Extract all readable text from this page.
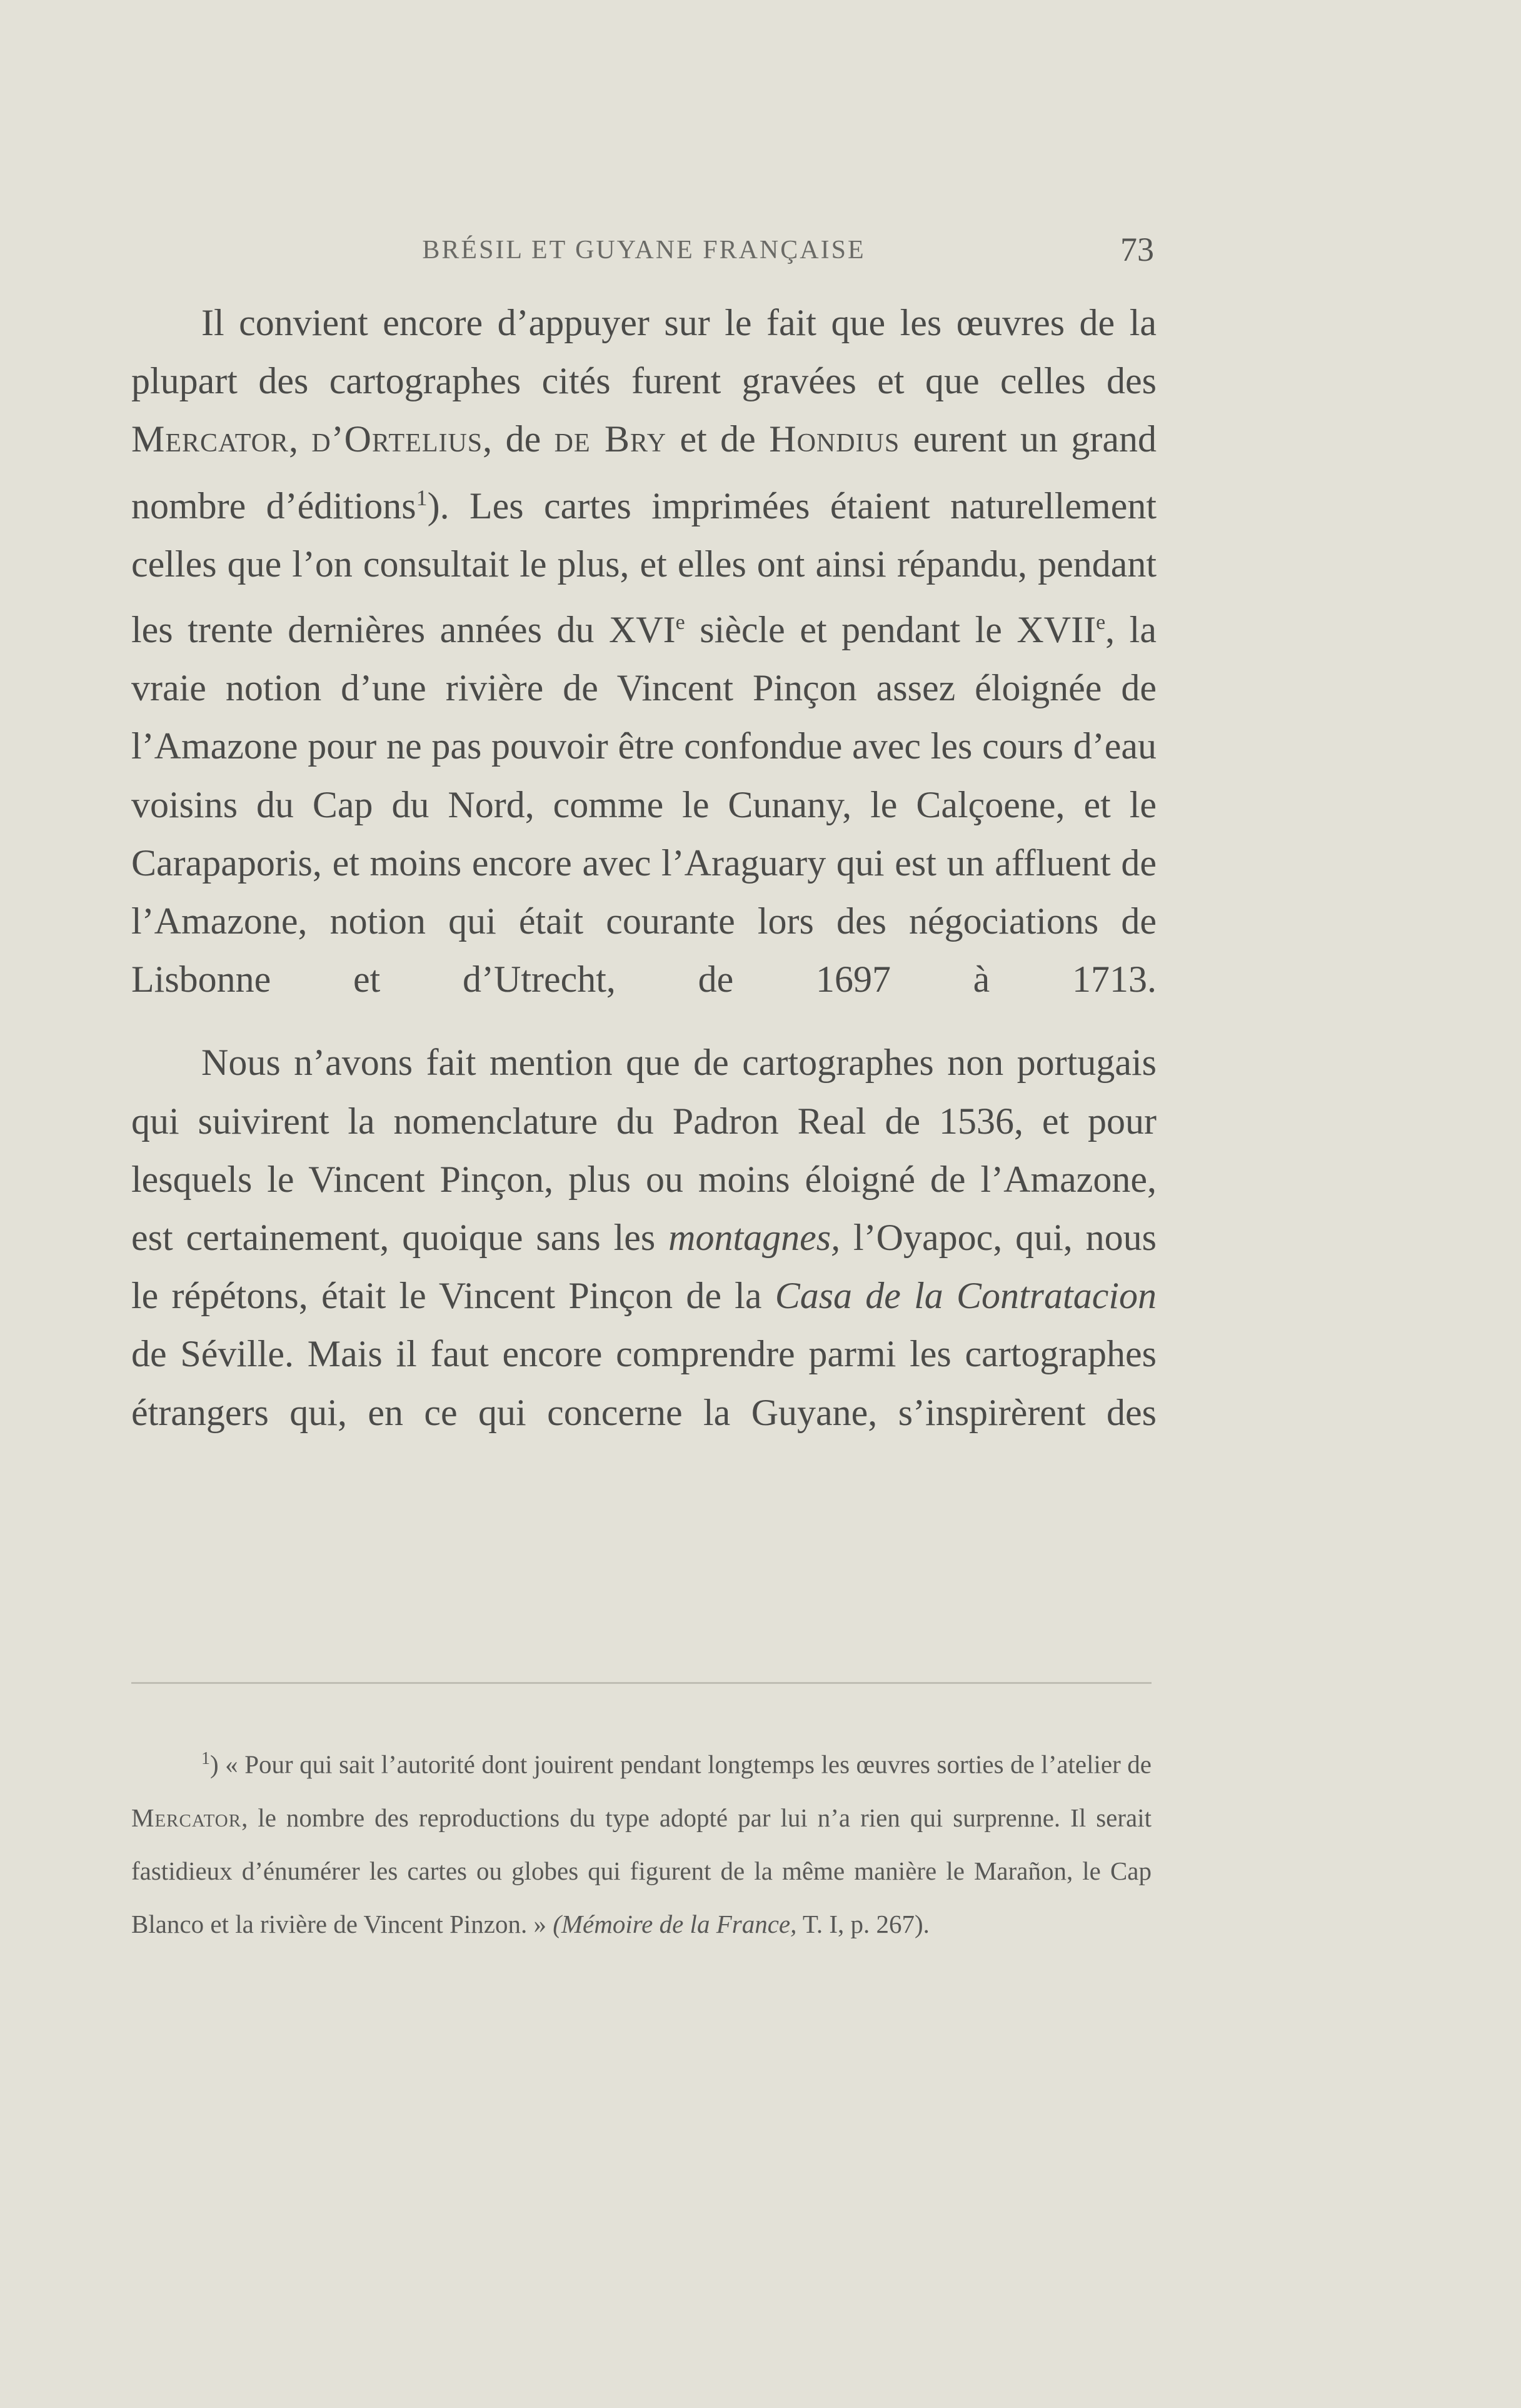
BRÉSIL ET GUYANE FRANÇAISE	73

Il convient encore d’appuyer sur le fait que les œuvres de la plupart des cartographes cités furent gravées et que celles des Mercator, d’Ortelius, de de Bry et de Hondius eurent un grand nombre d’éditions$^1$). Les cartes imprimées étaient naturellement celles que l’on consultait le plus, et elles ont ainsi répandu, pendant les trente dernières années du XVIe siècle et pendant le XVIIe, la vraie notion d’une rivière de Vincent Pinçon assez éloignée de l’Amazone pour ne pas pouvoir être confondue avec les cours d’eau voisins du Cap du Nord, comme le Cunany, le Calçoene, et le Carapaporis, et moins encore avec l’Araguary qui est un affluent de l’Amazone, notion qui était courante lors des négociations de Lisbonne et d’Utrecht, de 1697 à 1713.

Nous n’avons fait mention que de cartographes non portugais qui suivirent la nomenclature du Padron Real de 1536, et pour lesquels le Vincent Pinçon, plus ou moins éloigné de l’Amazone, est certainement, quoique sans les montagnes, l’Oyapoc, qui, nous le répétons, était le Vincent Pinçon de la Casa de la Contratacion de Séville. Mais il faut encore comprendre parmi les cartographes étrangers qui, en ce qui concerne la Guyane, s’inspirèrent des

$^1$) « Pour qui sait l’autorité dont jouirent pendant longtemps les œuvres sorties de l’atelier de Mercator, le nombre des reproductions du type adopté par lui n’a rien qui surprenne. Il serait fastidieux d’énumérer les cartes ou globes qui figurent de la même manière le Marañon, le Cap Blanco et la rivière de Vincent Pinzon. » (Mémoire de la France, T. I, p. 267).
